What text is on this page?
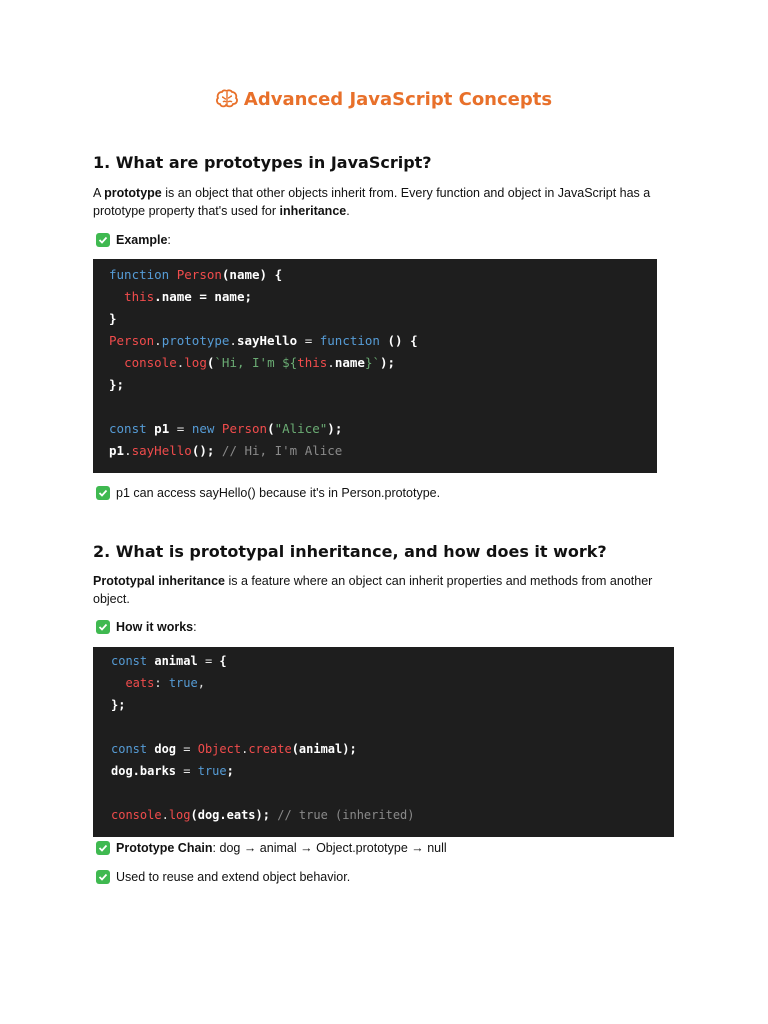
Advanced JavaScript Concepts
1. What are prototypes in JavaScript?

A prototype is an object that other objects inherit from. Every function and object in JavaScript has a prototype property that's used for inheritance.

Example :
function Person(name) {
this.name = name;
}
Person.prototype.sayHello = function () {
console.log(`Hi, I'm ${this.name}`);
};
const p1 = new Person("Alice");
p1.sayHello(); // Hi, I'm Alice
p1 can access sayHello() because it's in Person.prototype.
2. What is prototypal inheritance, and how does it work?

Prototypal inheritance is a feature where an object can inherit properties and methods from another object.

How it works :
const animal = {
eats: true,
};
const dog = Object.create(animal);
dog.barks = true;
console.log(dog.eats); // true (inherited)
Prototype Chain : dog → animal → Object.prototype → null
Used to reuse and extend object behavior.
